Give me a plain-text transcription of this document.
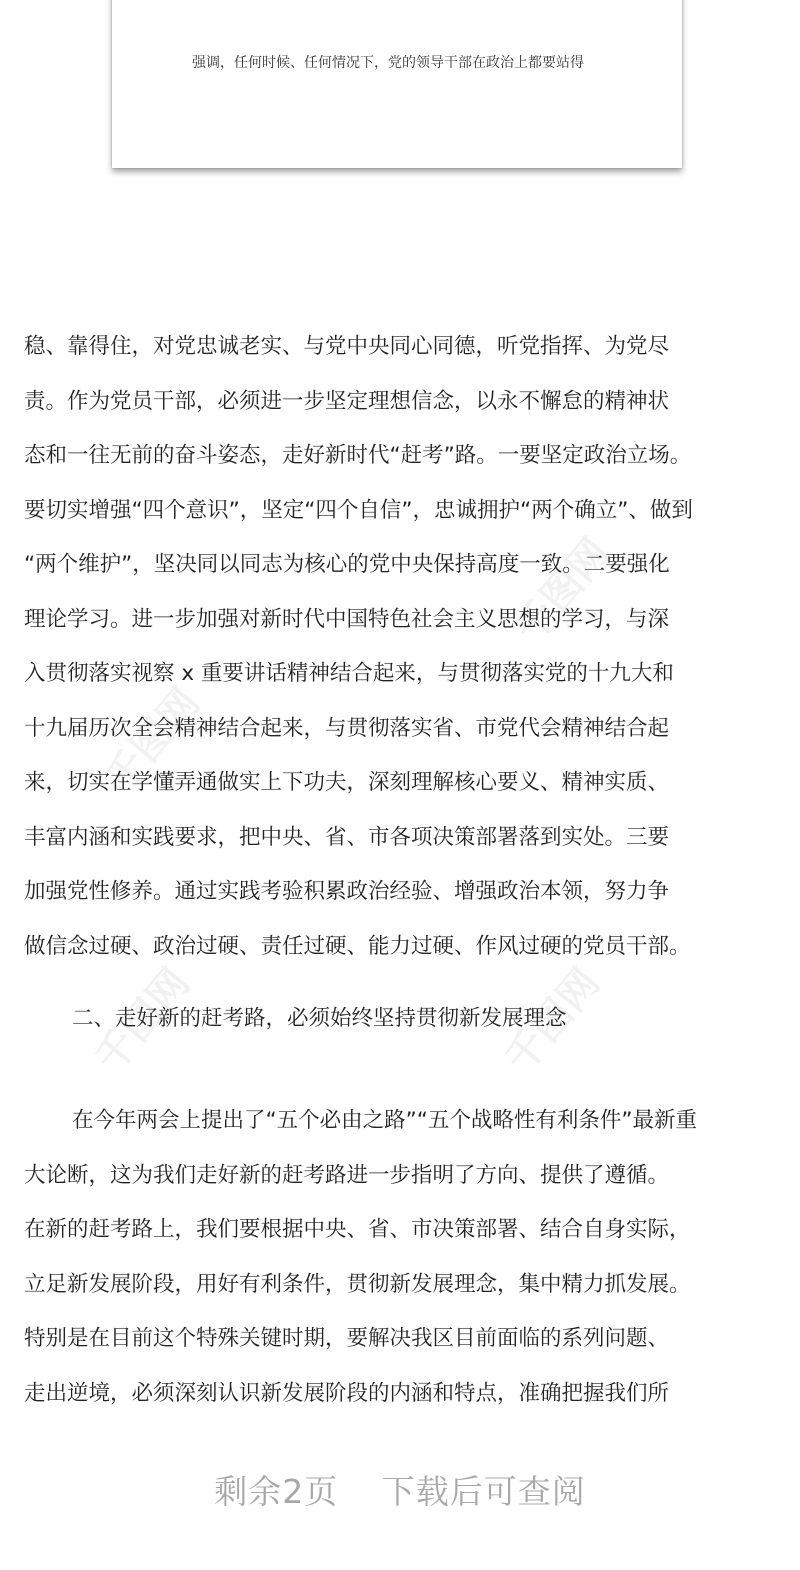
强调，任何时候、任何情况下，党的领导干部在政治上都要站得
千图网
千图网
千图网	千图网
稳、靠得住，对党忠诚老实、与党中央同心同德，听党指挥、为党尽
责。作为党员干部，必须进一步坚定理想信念，以永不懈怠的精神状
态和一往无前的奋斗姿态，走好新时代“赶考”路。一要坚定政治立场。
要切实增强“四个意识”，坚定“四个自信”，忠诚拥护“两个确立”、做到
“两个维护”，坚决同以同志为核心的党中央保持高度一致。二要强化
理论学习。进一步加强对新时代中国特色社会主义思想的学习，与深
入贯彻落实视察 x 重要讲话精神结合起来，与贯彻落实党的十九大和
十九届历次全会精神结合起来，与贯彻落实省、市党代会精神结合起
来，切实在学懂弄通做实上下功夫，深刻理解核心要义、精神实质、
丰富内涵和实践要求，把中央、省、市各项决策部署落到实处。三要
加强党性修养。通过实践考验积累政治经验、增强政治本领，努力争
做信念过硬、政治过硬、责任过硬、能力过硬、作风过硬的党员干部。
二、走好新的赶考路，必须始终坚持贯彻新发展理念
在今年两会上提出了“五个必由之路”“五个战略性有利条件”最新重
大论断，这为我们走好新的赶考路进一步指明了方向、提供了遵循。
在新的赶考路上，我们要根据中央、省、市决策部署、结合自身实际，
立足新发展阶段，用好有利条件，贯彻新发展理念，集中精力抓发展。
特别是在目前这个特殊关键时期，要解决我区目前面临的系列问题、
走出逆境，必须深刻认识新发展阶段的内涵和特点，准确把握我们所
剩余2页 下载后可查阅
